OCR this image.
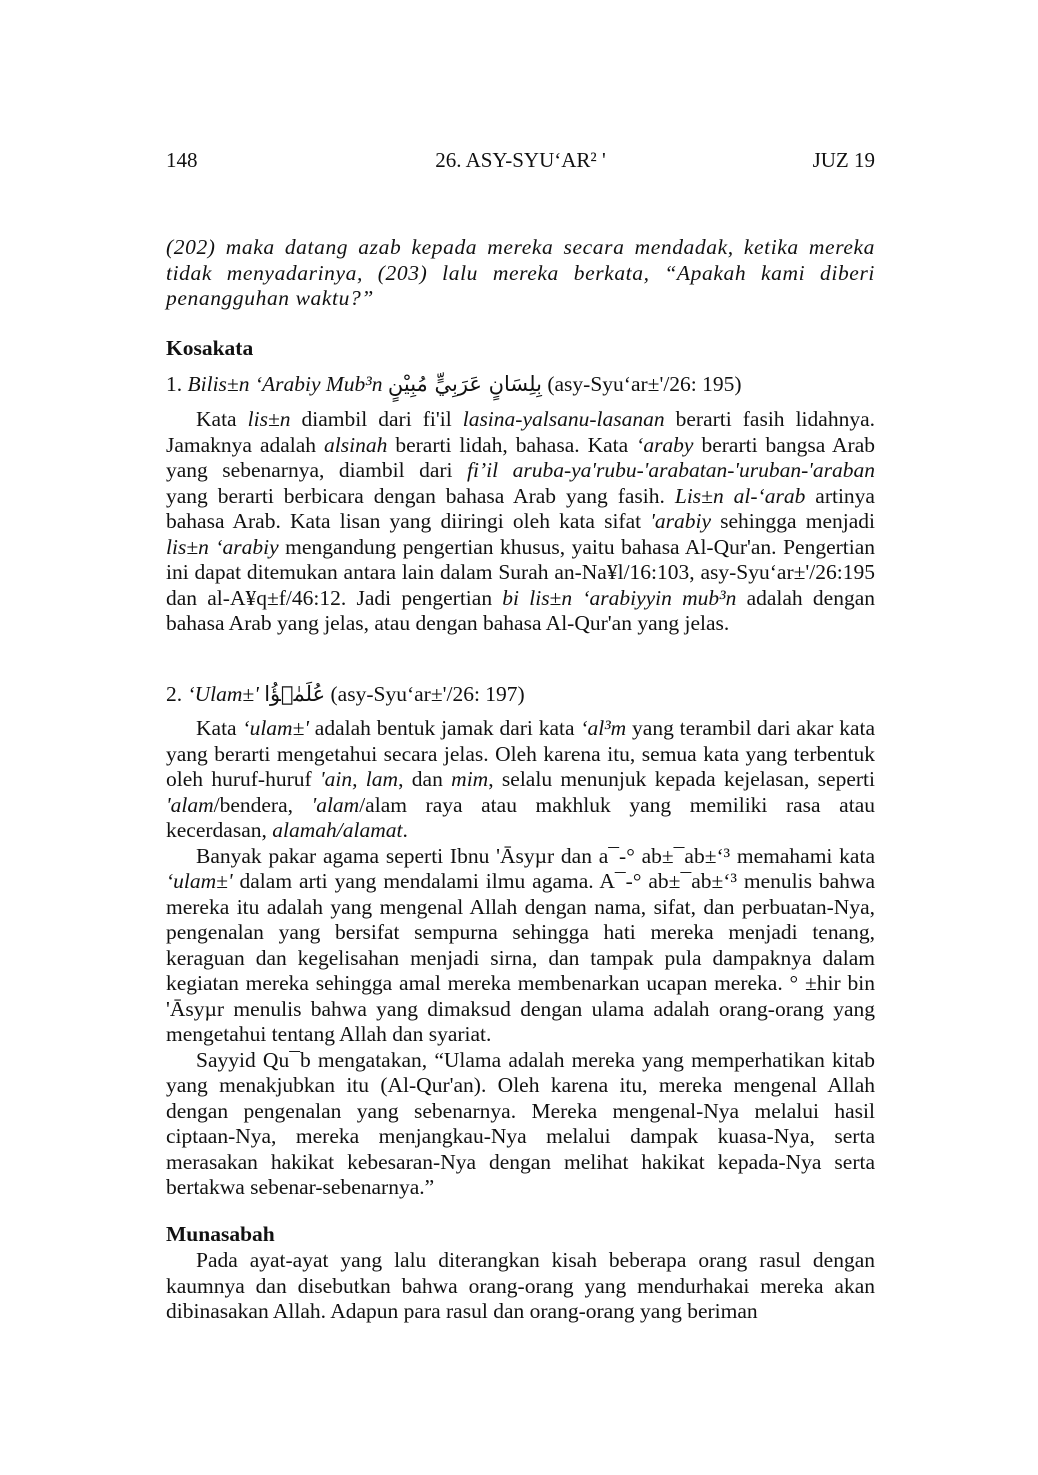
148	26. ASY-SYU‘AR² '	JUZ 19

(202) maka datang azab kepada mereka secara mendadak, ketika mereka tidak menyadarinya, (203) lalu mereka berkata, “Apakah kami diberi penangguhan waktu?”

Kosakata

1. Bilis±n ‘Arabiy Mub³n بِلِسَانٍ عَرَبِيٍّ مُبِيْنٍ (asy-Syu‘ar±'/26: 195)

Kata lis±n diambil dari fi'il lasina-yalsanu-lasanan berarti fasih lidahnya. Jamaknya adalah alsinah berarti lidah, bahasa. Kata ‘araby berarti bangsa Arab yang sebenarnya, diambil dari fi’il aruba-ya'rubu-'arabatan-'uruban-'araban yang berarti berbicara dengan bahasa Arab yang fasih. Lis±n al-‘arab artinya bahasa Arab. Kata lisan yang diiringi oleh kata sifat 'arabiy sehingga menjadi lis±n ‘arabiy mengandung pengertian khusus, yaitu bahasa Al-Qur'an. Pengertian ini dapat ditemukan antara lain dalam Surah an-Na¥l/16:103, asy-Syu‘ar±'/26:195 dan al-A¥q±f/46:12. Jadi pengertian bi lis±n ‘arabiyyin mub³n adalah dengan bahasa Arab yang jelas, atau dengan bahasa Al-Qur'an yang jelas.

2. ‘Ulam±' عُلَمٰۤؤُا (asy-Syu‘ar±'/26: 197)

Kata ‘ulam±' adalah bentuk jamak dari kata ‘al³m yang terambil dari akar kata yang berarti mengetahui secara jelas. Oleh karena itu, semua kata yang terbentuk oleh huruf-huruf 'ain, lam, dan mim, selalu menunjuk kepada kejelasan, seperti 'alam/bendera, 'alam/alam raya atau makhluk yang memiliki rasa atau kecerdasan, alamah/alamat.

Banyak pakar agama seperti Ibnu 'Āsyµr dan a¯-° ab±¯ab±‘³ memahami kata ‘ulam±' dalam arti yang mendalami ilmu agama. A¯-° ab±¯ab±‘³ menulis bahwa mereka itu adalah yang mengenal Allah dengan nama, sifat, dan perbuatan-Nya, pengenalan yang bersifat sempurna sehingga hati mereka menjadi tenang, keraguan dan kegelisahan menjadi sirna, dan tampak pula dampaknya dalam kegiatan mereka sehingga amal mereka membenarkan ucapan mereka. ° ±hir bin 'Āsyµr menulis bahwa yang dimaksud dengan ulama adalah orang-orang yang mengetahui tentang Allah dan syariat.

Sayyid Qu¯b mengatakan, “Ulama adalah mereka yang memperhatikan kitab yang menakjubkan itu (Al-Qur'an). Oleh karena itu, mereka mengenal Allah dengan pengenalan yang sebenarnya. Mereka mengenal-Nya melalui hasil ciptaan-Nya, mereka menjangkau-Nya melalui dampak kuasa-Nya, serta merasakan hakikat kebesaran-Nya dengan melihat hakikat kepada-Nya serta bertakwa sebenar-sebenarnya.”

Munasabah

Pada ayat-ayat yang lalu diterangkan kisah beberapa orang rasul dengan kaumnya dan disebutkan bahwa orang-orang yang mendurhakai mereka akan dibinasakan Allah. Adapun para rasul dan orang-orang yang beriman
